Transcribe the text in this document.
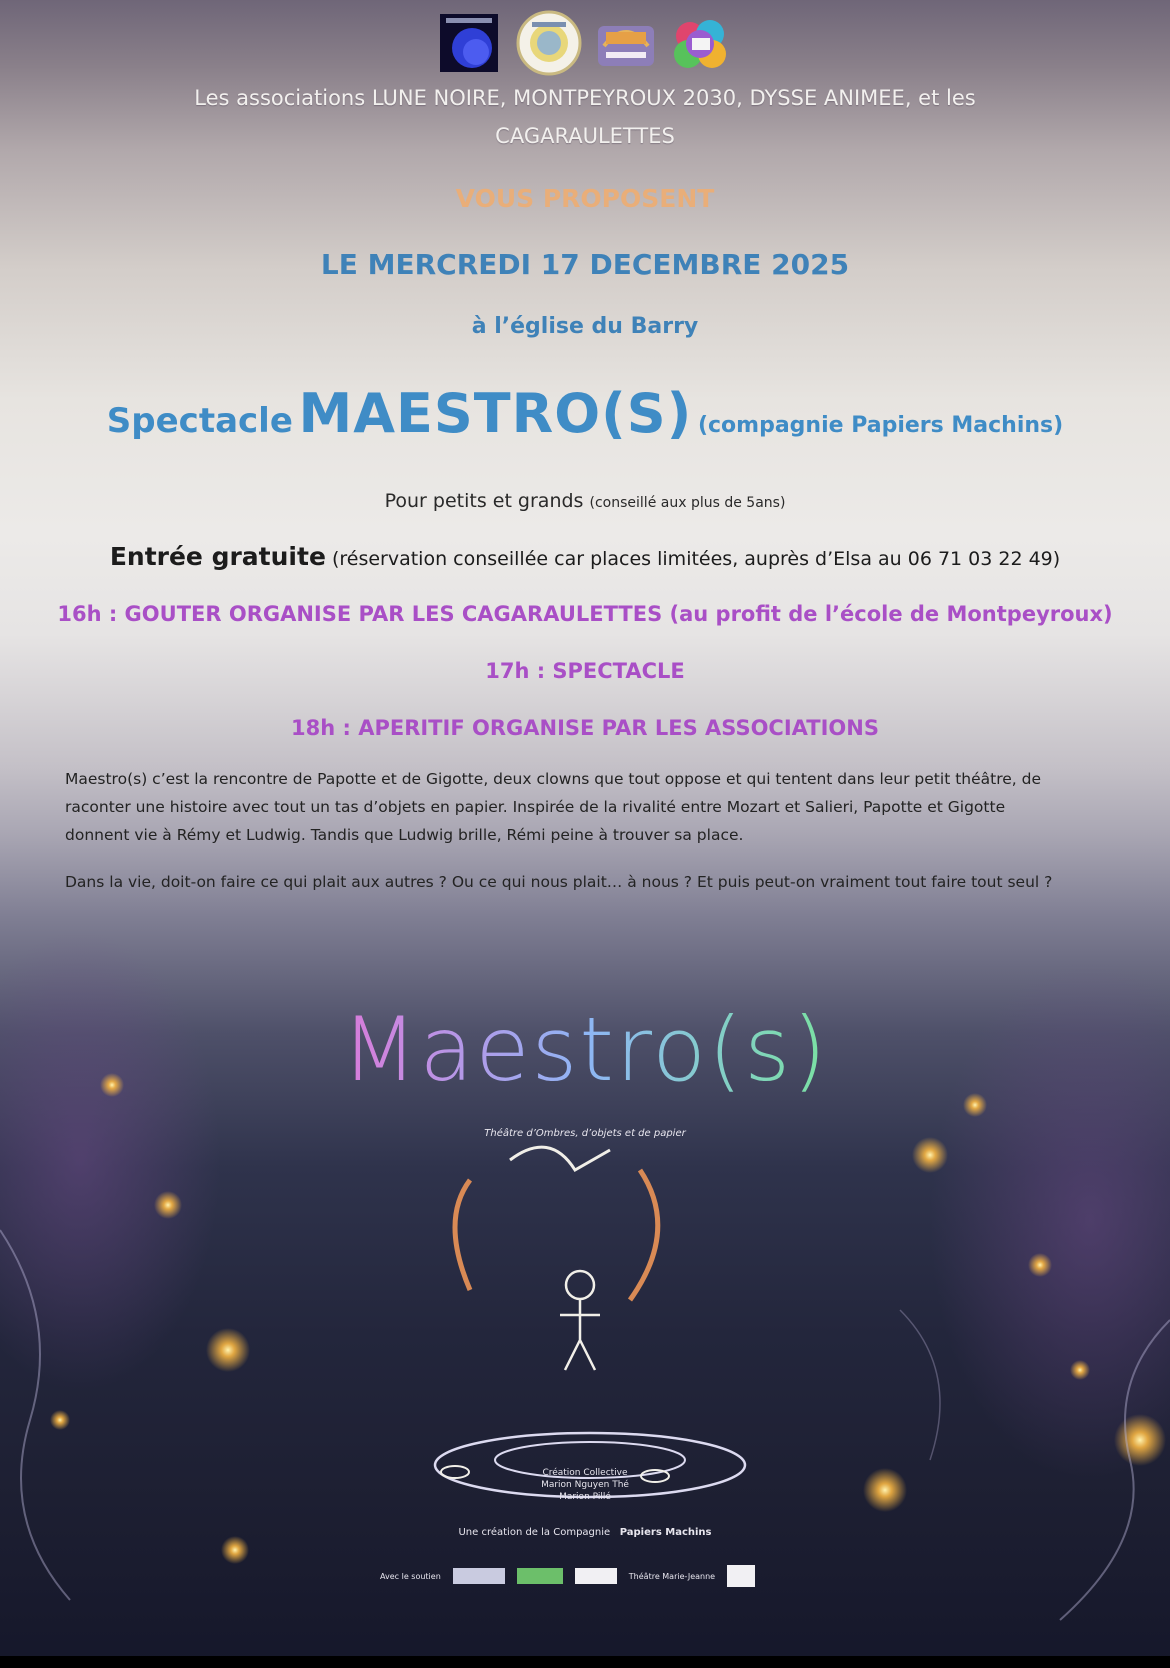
Les associations LUNE NOIRE, MONTPEYROUX 2030, DYSSE ANIMEE, et les
CAGARAULETTES
VOUS PROPOSENT
LE MERCREDI 17 DECEMBRE 2025
à l’église du Barry
Spectacle MAESTRO(S) (compagnie Papiers Machins)
Pour petits et grands (conseillé aux plus de 5ans)
Entrée gratuite (réservation conseillée car places limitées, auprès d’Elsa au 06 71 03 22 49)
16h : GOUTER ORGANISE PAR LES CAGARAULETTES (au profit de l’école de Montpeyroux)
17h : SPECTACLE
18h : APERITIF ORGANISE PAR LES ASSOCIATIONS
Maestro(s) c’est la rencontre de Papotte et de Gigotte, deux clowns que tout oppose et qui tentent dans leur petit théâtre, de
raconter une histoire avec tout un tas d’objets en papier. Inspirée de la rivalité entre Mozart et Salieri, Papotte et Gigotte
donnent vie à Rémy et Ludwig. Tandis que Ludwig brille, Rémi peine à trouver sa place.
Dans la vie, doit-on faire ce qui plait aux autres ? Ou ce qui nous plait… à nous ? Et puis peut-on vraiment tout faire tout seul ?
Maestro(s)
Théâtre d’Ombres, d’objets et de papier
Création Collective
Marion Nguyen Thé
Marion Pillé
Une création de la Compagnie Papiers Machins
Avec le soutien	Théâtre Marie-Jeanne
